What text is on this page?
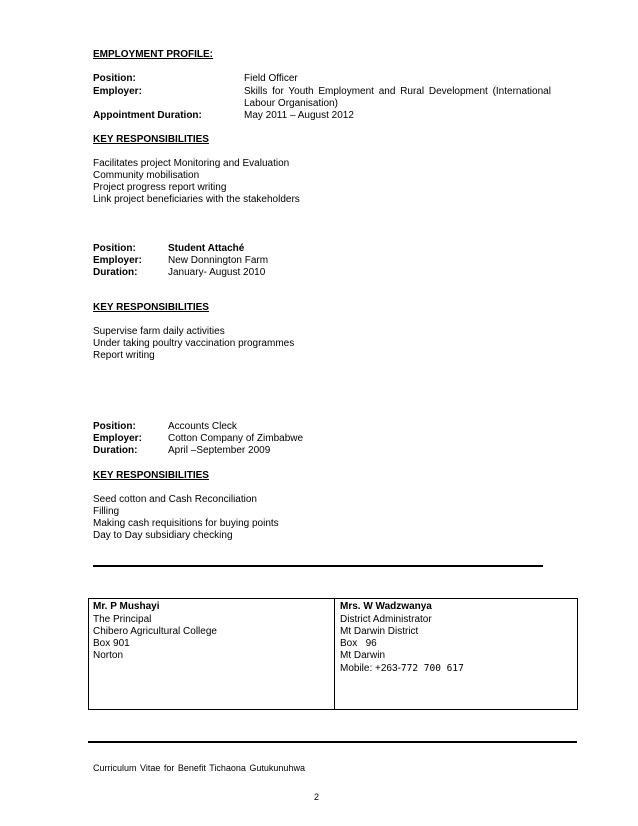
EMPLOYMENT PROFILE:
Position:	Field Officer
Employer:	Skills for Youth Employment and Rural Development (International
Labour Organisation)
Appointment Duration:	May 2011 – August 2012
KEY RESPONSIBILITIES
Facilitates project Monitoring and Evaluation
Community mobilisation
Project progress report writing
Link project beneficiaries with the stakeholders
Position:	Student Attaché
Employer:	New Donnington Farm
Duration:	January- August 2010
KEY RESPONSIBILITIES
Supervise farm daily activities
Under taking poultry vaccination programmes
Report writing
Position:	Accounts Cleck
Employer:	Cotton Company of Zimbabwe
Duration:	April –September 2009
KEY RESPONSIBILITIES
Seed cotton and Cash Reconciliation
Filling
Making cash requisitions for buying points
Day to Day subsidiary checking
Mr. P Mushayi
The Principal
Chibero Agricultural College
Box 901
Norton
Mrs. W Wadzwanya
District Administrator
Mt Darwin District
Box   96
Mt Darwin
Mobile: +263-772 700 617
Curriculum Vitae for Benefit Tichaona Gutukunuhwa
2
